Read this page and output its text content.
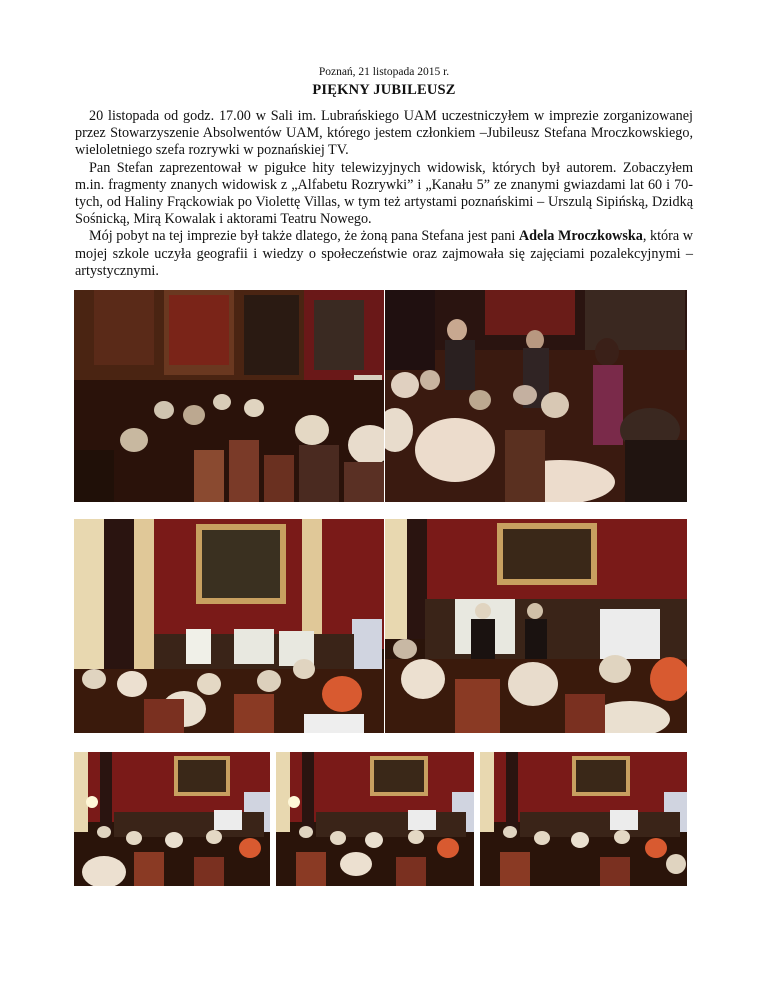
Poznań, 21 listopada 2015 r.
PIĘKNY JUBILEUSZ

20 listopada od godz. 17.00 w Sali im. Lubrańskiego UAM uczestniczyłem w imprezie zorganizowanej przez Stowarzyszenie Absolwentów UAM, którego jestem członkiem –Jubileusz Stefana Mroczkowskiego, wieloletniego szefa rozrywki w poznańskiej TV.

Pan Stefan zaprezentował w pigułce hity telewizyjnych widowisk, których był autorem. Zobaczyłem m.in. fragmenty znanych widowisk z „Alfabetu Rozrywki” i „Kanału 5” ze znanymi gwiazdami lat 60 i 70-tych, od Haliny Frąckowiak po Violettę Villas, w tym też artystami poznańskimi – Urszulą Sipińską, Dzidką Sośnicką, Mirą Kowalak i aktorami Teatru Nowego.

Mój pobyt na tej imprezie był także dlatego, że żoną pana Stefana jest pani Adela Mroczkowska, która w mojej szkole uczyła geografii i wiedzy o społeczeństwie oraz zajmowała się zajęciami pozalekcyjnymi – artystycznymi.
